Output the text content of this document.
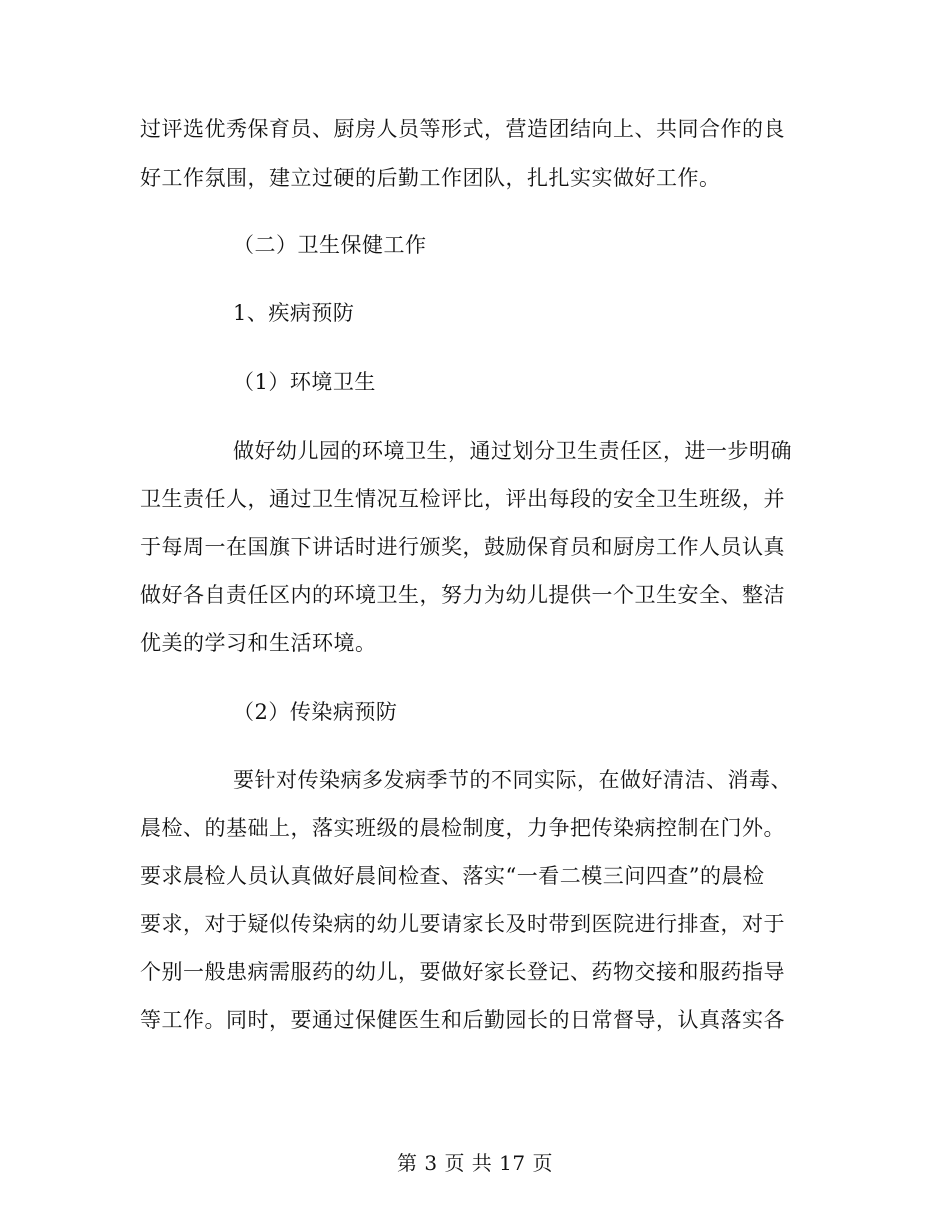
过评选优秀保育员、厨房人员等形式，营造团结向上、共同合作的良
好工作氛围，建立过硬的后勤工作团队，扎扎实实做好工作。
（二）卫生保健工作
1、疾病预防
（1）环境卫生
做好幼儿园的环境卫生，通过划分卫生责任区，进一步明确
卫生责任人，通过卫生情况互检评比，评出每段的安全卫生班级，并
于每周一在国旗下讲话时进行颁奖，鼓励保育员和厨房工作人员认真
做好各自责任区内的环境卫生，努力为幼儿提供一个卫生安全、整洁
优美的学习和生活环境。
（2）传染病预防
要针对传染病多发病季节的不同实际，在做好清洁、消毒、
晨检、的基础上，落实班级的晨检制度，力争把传染病控制在门外。
要求晨检人员认真做好晨间检查、落实“一看二模三问四查”的晨检
要求，对于疑似传染病的幼儿要请家长及时带到医院进行排查，对于
个别一般患病需服药的幼儿，要做好家长登记、药物交接和服药指导
等工作。同时，要通过保健医生和后勤园长的日常督导，认真落实各
第 3 页 共 17 页
